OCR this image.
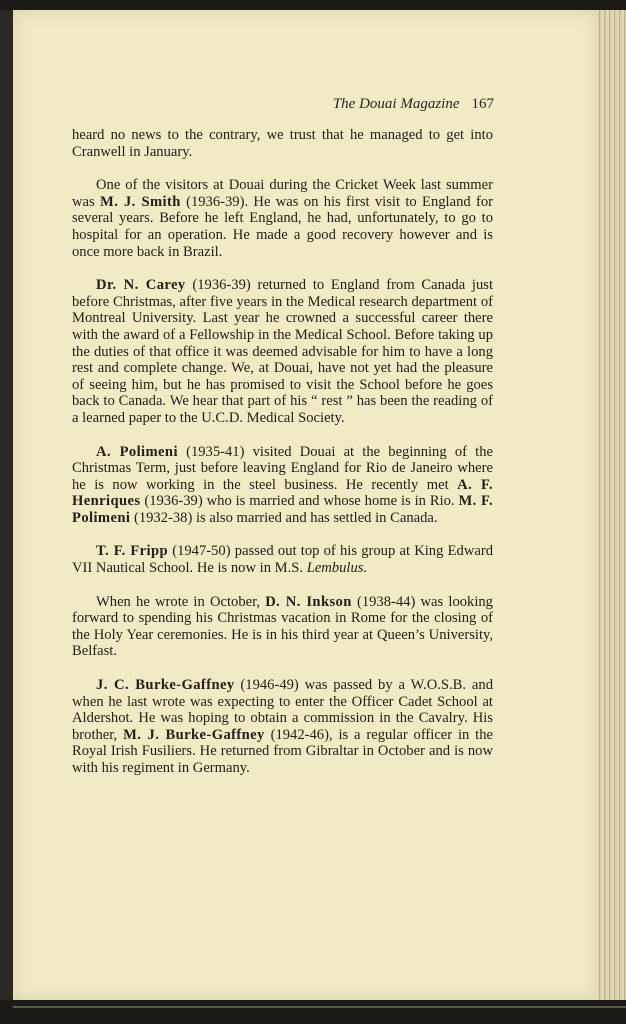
The Douai Magazine 167

heard no news to the contrary, we trust that he managed to get into Cranwell in January.

One of the visitors at Douai during the Cricket Week last summer was M. J. Smith (1936-39). He was on his first visit to England for several years. Before he left England, he had, unfortunately, to go to hospital for an operation. He made a good recovery however and is once more back in Brazil.

Dr. N. Carey (1936-39) returned to England from Canada just before Christmas, after five years in the Medical research department of Montreal University. Last year he crowned a successful career there with the award of a Fellowship in the Medical School. Before taking up the duties of that office it was deemed advisable for him to have a long rest and complete change. We, at Douai, have not yet had the pleasure of seeing him, but he has promised to visit the School before he goes back to Canada. We hear that part of his “ rest ” has been the reading of a learned paper to the U.C.D. Medical Society.

A. Polimeni (1935-41) visited Douai at the beginning of the Christmas Term, just before leaving England for Rio de Janeiro where he is now working in the steel business. He recently met A. F. Henriques (1936-39) who is married and whose home is in Rio. M. F. Polimeni (1932-38) is also married and has settled in Canada.

T. F. Fripp (1947-50) passed out top of his group at King Edward VII Nautical School. He is now in M.S. Lembulus.

When he wrote in October, D. N. Inkson (1938-44) was looking forward to spending his Christmas vacation in Rome for the closing of the Holy Year ceremonies. He is in his third year at Queen’s University, Belfast.

J. C. Burke-Gaffney (1946-49) was passed by a W.O.S.B. and when he last wrote was expecting to enter the Officer Cadet School at Aldershot. He was hoping to obtain a commission in the Cavalry. His brother, M. J. Burke-Gaffney (1942-46), is a regular officer in the Royal Irish Fusiliers. He returned from Gibraltar in October and is now with his regiment in Germany.
